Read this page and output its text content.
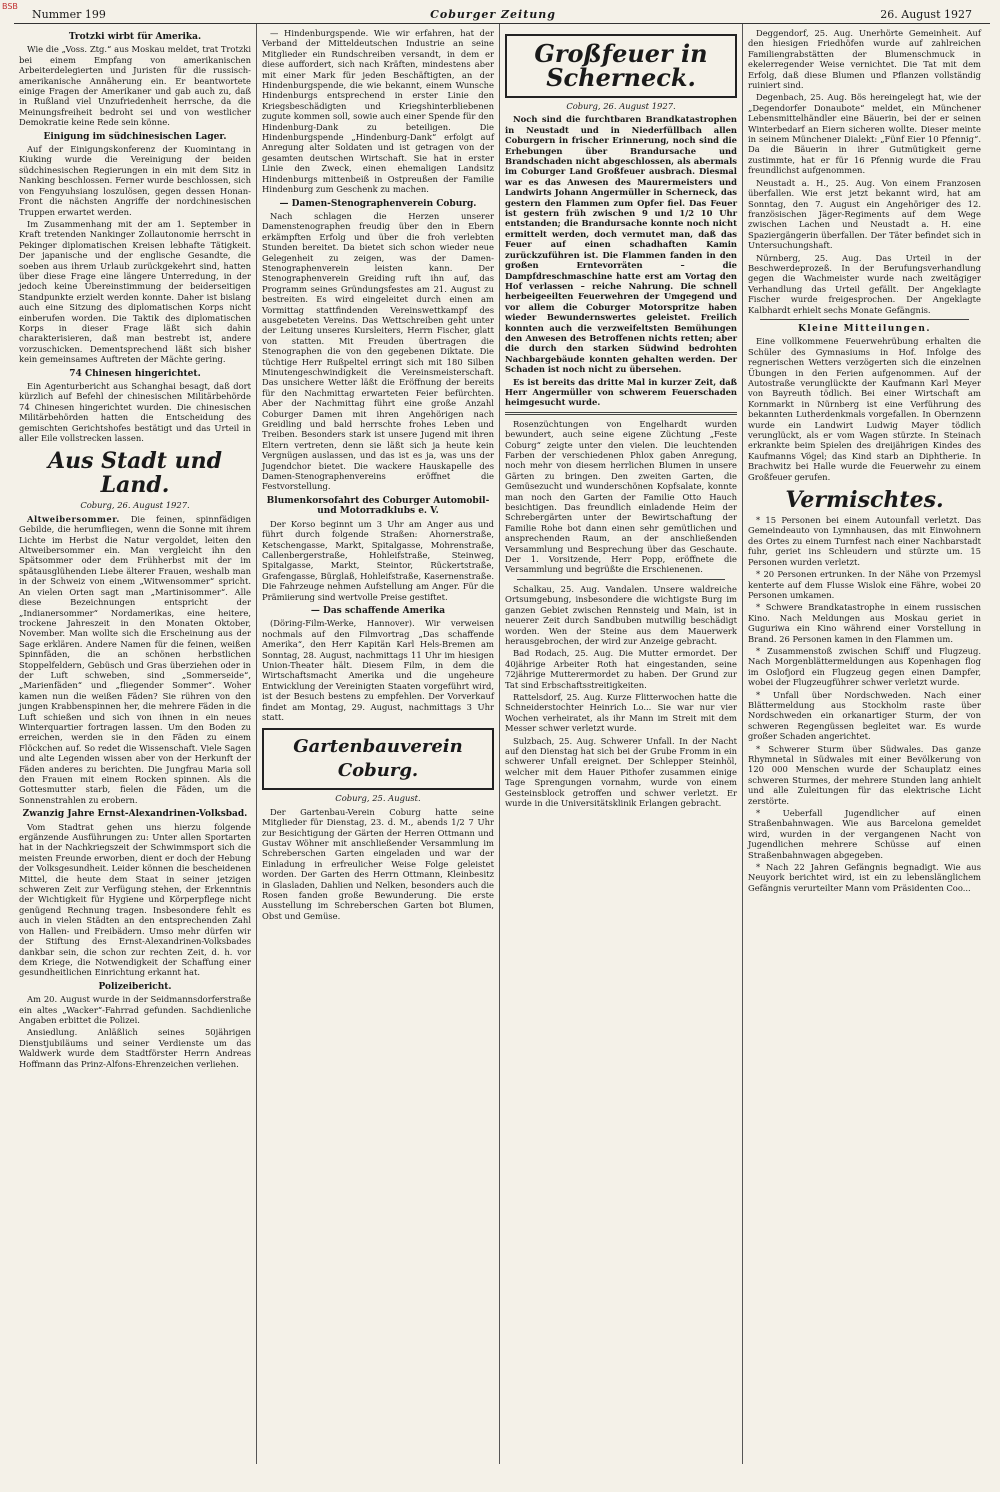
BSB
Nummer 199	Coburger Zeitung	26. August 1927
Trotzki wirbt für Amerika.

Wie die „Voss. Ztg.“ aus Moskau meldet, trat Trotzki bei einem Empfang von amerikanischen Arbeiterdelegierten und Juristen für die russisch-amerikanische Annäherung ein. Er beantwortete einige Fragen der Amerikaner und gab auch zu, daß in Rußland viel Unzufriedenheit herrsche, da die Meinungsfreiheit bedroht sei und von westlicher Demokratie keine Rede sein könne.

Einigung im südchinesischen Lager.

Auf der Einigungskonferenz der Kuomintang in Kiuking wurde die Vereinigung der beiden südchinesischen Regierungen in ein mit dem Sitz in Nanking beschlossen. Ferner wurde beschlossen, sich von Fengyuhsiang loszulösen, gegen dessen Honan-Front die nächsten Angriffe der nordchinesischen Truppen erwartet werden.

Im Zusammenhang mit der am 1. September in Kraft tretenden Nankinger Zollautonomie herrscht in Pekinger diplomatischen Kreisen lebhafte Tätigkeit. Der japanische und der englische Gesandte, die soeben aus ihrem Urlaub zurückgekehrt sind, hatten über diese Frage eine längere Unterredung, in der jedoch keine Übereinstimmung der beiderseitigen Standpunkte erzielt werden konnte. Daher ist bislang auch eine Sitzung des diplomatischen Korps nicht einberufen worden. Die Taktik des diplomatischen Korps in dieser Frage läßt sich dahin charakterisieren, daß man bestrebt ist, andere vorzuschicken. Dementsprechend läßt sich bisher kein gemeinsames Auftreten der Mächte gering.

74 Chinesen hingerichtet.

Ein Agenturbericht aus Schanghai besagt, daß dort kürzlich auf Befehl der chinesischen Militärbehörde 74 Chinesen hingerichtet wurden. Die chinesischen Militärbehörden hatten die Entscheidung des gemischten Gerichtshofes bestätigt und das Urteil in aller Eile vollstrecken lassen.

Aus Stadt und Land.
Coburg, 26. August 1927.

Altweibersommer. Die feinen, spinnfädigen Gebilde, die herumfliegen, wenn die Sonne mit ihrem Lichte im Herbst die Natur vergoldet, leiten den Altweibersommer ein. Man vergleicht ihn den Spätsommer oder dem Frühherbst mit der im spätausglühenden Liebe älterer Frauen, weshalb man in der Schweiz von einem „Witwensommer“ spricht. An vielen Orten sagt man „Martinisommer“. Alle diese Bezeichnungen entspricht der „Indianersommer“ Nordamerikas, eine heitere, trockene Jahreszeit in den Monaten Oktober, November. Man wollte sich die Erscheinung aus der Sage erklären. Andere Namen für die feinen, weißen Spinnfäden, die an schönen herbstlichen Stoppelfeldern, Gebüsch und Gras überziehen oder in der Luft schweben, sind „Sommerseide“, „Marienfäden“ und „fliegender Sommer“. Woher kamen nun die weißen Fäden? Sie rühren von den jungen Krabbenspinnen her, die mehrere Fäden in die Luft schießen und sich von ihnen in ein neues Winterquartier fortragen lassen. Um den Boden zu erreichen, werden sie in den Fäden zu einem Flöckchen auf. So redet die Wissenschaft. Viele Sagen und alte Legenden wissen aber von der Herkunft der Fäden anderes zu berichten. Die Jungfrau Maria soll den Frauen mit einem Rocken spinnen. Als die Gottesmutter starb, fielen die Fäden, um die Sonnenstrahlen zu erobern.

Zwanzig Jahre Ernst-Alexandrinen-Volksbad.

Vom Stadtrat gehen uns hierzu folgende ergänzende Ausführungen zu: Unter allen Sportarten hat in der Nachkriegszeit der Schwimmsport sich die meisten Freunde erworben, dient er doch der Hebung der Volksgesundheit. Leider können die bescheidenen Mittel, die heute dem Staat in seiner jetzigen schweren Zeit zur Verfügung stehen, der Erkenntnis der Wichtigkeit für Hygiene und Körperpflege nicht genügend Rechnung tragen. Insbesondere fehlt es auch in vielen Städten an den entsprechenden Zahl von Hallen- und Freibädern. Umso mehr dürfen wir der Stiftung des Ernst-Alexandrinen-Volksbades dankbar sein, die schon zur rechten Zeit, d. h. vor dem Kriege, die Notwendigkeit der Schaffung einer gesundheitlichen Einrichtung erkannt hat.

Polizeibericht.

Am 20. August wurde in der Seidmannsdorferstraße ein altes „Wacker“-Fahrrad gefunden. Sachdienliche Angaben erbittet die Polizei.

Ansiedlung. Anläßlich seines 50jährigen Dienstjubiläums und seiner Verdienste um das Waldwerk wurde dem Stadtförster Herrn Andreas Hoffmann das Prinz-Alfons-Ehrenzeichen verliehen.

— Hindenburgspende. Wie wir erfahren, hat der Verband der Mitteldeutschen Industrie an seine Mitglieder ein Rundschreiben versandt, in dem er diese auffordert, sich nach Kräften, mindestens aber mit einer Mark für jeden Beschäftigten, an der Hindenburgspende, die wie bekannt, einem Wunsche Hindenburgs entsprechend in erster Linie den Kriegsbeschädigten und Kriegshinterbliebenen zugute kommen soll, sowie auch einer Spende für den Hindenburg-Dank zu beteiligen. Die Hindenburgspende „Hindenburg-Dank“ erfolgt auf Anregung alter Soldaten und ist getragen von der gesamten deutschen Wirtschaft. Sie hat in erster Linie den Zweck, einen ehemaligen Landsitz Hindenburgs mittenbeiß in Ostpreußen der Familie Hindenburg zum Geschenk zu machen.

— Damen-Stenographenverein Coburg.

Nach schlagen die Herzen unserer Damenstenographen freudig über den in Ebern erkämpften Erfolg und über die froh verlebten Stunden bereitet. Da bietet sich schon wieder neue Gelegenheit zu zeigen, was der Damen-Stenographenverein leisten kann. Der Stenographenverein Greiding ruft ihn auf, das Programm seines Gründungsfestes am 21. August zu bestreiten. Es wird eingeleitet durch einen am Vormittag stattfindenden Vereinswettkampf des ausgebeteten Vereins. Das Wettschreiben geht unter der Leitung unseres Kursleiters, Herrn Fischer, glatt von statten. Mit Freuden übertragen die Stenographen die von den gegebenen Diktate. Die tüchtige Herr Rußpeltel erringt sich mit 180 Silben Minutengeschwindigkeit die Vereinsmeisterschaft. Das unsichere Wetter läßt die Eröffnung der bereits für den Nachmittag erwarteten Feier befürchten. Aber der Nachmittag führt eine große Anzahl Coburger Damen mit ihren Angehörigen nach Greidling und bald herrschte frohes Leben und Treiben. Besonders stark ist unsere Jugend mit ihren Eltern vertreten, denn sie läßt sich ja heute kein Vergnügen auslassen, und das ist es ja, was uns der Jugendchor bietet. Die wackere Hauskapelle des Damen-Stenographenvereins eröffnet die Festvorstellung.

Blumenkorsofahrt des Coburger Automobil- und Motorradklubs e. V.

Der Korso beginnt um 3 Uhr am Anger aus und führt durch folgende Straßen: Ahornerstraße, Ketschengasse, Markt, Spitalgasse, Mohrenstraße, Callenbergerstraße, Hohleifstraße, Steinweg, Spitalgasse, Markt, Steintor, Rückertstraße, Grafengasse, Bürglaß, Hohleifstraße, Kasernenstraße. Die Fahrzeuge nehmen Aufstellung am Anger. Für die Prämiierung sind wertvolle Preise gestiftet.

— Das schaffende Amerika

(Döring-Film-Werke, Hannover). Wir verweisen nochmals auf den Filmvortrag „Das schaffende Amerika“, den Herr Kapitän Karl Hels-Bremen am Sonntag, 28. August, nachmittags 11 Uhr im hiesigen Union-Theater hält. Diesem Film, in dem die Wirtschaftsmacht Amerika und die ungeheure Entwicklung der Vereinigten Staaten vorgeführt wird, ist der Besuch bestens zu empfehlen. Der Vorverkauf findet am Montag, 29. August, nachmittags 3 Uhr statt.

Gartenbauverein Coburg.
Coburg, 25. August.

Der Gartenbau-Verein Coburg hatte seine Mitglieder für Dienstag, 23. d. M., abends 1/2 7 Uhr zur Besichtigung der Gärten der Herren Ottmann und Gustav Wöhner mit anschließender Versammlung im Schreberschen Garten eingeladen und war der Einladung in erfreulicher Weise Folge geleistet worden. Der Garten des Herrn Ottmann, Kleinbesitz in Glasladen, Dahlien und Nelken, besonders auch die Rosen fanden große Bewunderung. Die erste Ausstellung im Schreberschen Garten bot Blumen, Obst und Gemüse.

Großfeuer in Scherneck.
Coburg, 26. August 1927.

Noch sind die furchtbaren Brandkatastrophen in Neustadt und in Niederfüllbach allen Coburgern in frischer Erinnerung, noch sind die Erhebungen über Brandursache und Brandschaden nicht abgeschlossen, als abermals im Coburger Land Großfeuer ausbrach. Diesmal war es das Anwesen des Maurermeisters und Landwirts Johann Angermüller in Scherneck, das gestern den Flammen zum Opfer fiel. Das Feuer ist gestern früh zwischen 9 und 1/2 10 Uhr entstanden; die Brandursache konnte noch nicht ermittelt werden, doch vermutet man, daß das Feuer auf einen schadhaften Kamin zurückzuführen ist. Die Flammen fanden in den großen Erntevorräten – die Dampfdreschmaschine hatte erst am Vortag den Hof verlassen – reiche Nahrung. Die schnell herbeigeeilten Feuerwehren der Umgegend und vor allem die Coburger Motorspritze haben wieder Bewundernswertes geleistet. Freilich konnten auch die verzweifeltsten Bemühungen den Anwesen des Betroffenen nichts retten; aber die durch den starken Südwind bedrohten Nachbargebäude konnten gehalten werden. Der Schaden ist noch nicht zu übersehen.

Es ist bereits das dritte Mal in kurzer Zeit, daß Herr Angermüller von schwerem Feuerschaden heimgesucht wurde.

Rosenzüchtungen von Engelhardt wurden bewundert, auch seine eigene Züchtung „Feste Coburg“ zeigte unter den vielen. Die leuchtenden Farben der verschiedenen Phlox gaben Anregung, noch mehr von diesem herrlichen Blumen in unsere Gärten zu bringen. Den zweiten Garten, die Gemüsezucht und wunderschönen Kopfsalate, konnte man noch den Garten der Familie Otto Hauch besichtigen. Das freundlich einladende Heim der Schrebergärten unter der Bewirtschaftung der Familie Rohe bot dann einen sehr gemütlichen und ansprechenden Raum, an der anschließenden Versammlung und Besprechung über das Geschaute. Der 1. Vorsitzende, Herr Popp, eröffnete die Versammlung und begrüßte die Erschienenen.

Schalkau, 25. Aug. Vandalen. Unsere waldreiche Ortsumgebung, insbesondere die wichtigste Burg im ganzen Gebiet zwischen Rennsteig und Main, ist in neuerer Zeit durch Sandbuben mutwillig beschädigt worden. Wen der Steine aus dem Mauerwerk herausgebrochen, der wird zur Anzeige gebracht.

Bad Rodach, 25. Aug. Die Mutter ermordet. Der 40jährige Arbeiter Roth hat eingestanden, seine 72jährige Mutterermordet zu haben. Der Grund zur Tat sind Erbschaftsstreitigkeiten.

Rattelsdorf, 25. Aug. Kurze Flitterwochen hatte die Schneiderstochter Heinrich Lo... Sie war nur vier Wochen verheiratet, als ihr Mann im Streit mit dem Messer schwer verletzt wurde.

Sulzbach, 25. Aug. Schwerer Unfall. In der Nacht auf den Dienstag hat sich bei der Grube Fromm in ein schwerer Unfall ereignet. Der Schlepper Steinhöl, welcher mit dem Hauer Pithofer zusammen einige Tage Sprengungen vornahm, wurde von einem Gesteinsblock getroffen und schwer verletzt. Er wurde in die Universitätsklinik Erlangen gebracht.

Deggendorf, 25. Aug. Unerhörte Gemeinheit. Auf den hiesigen Friedhöfen wurde auf zahlreichen Familiengrabstätten der Blumenschmuck in ekelerregender Weise vernichtet. Die Tat mit dem Erfolg, daß diese Blumen und Pflanzen vollständig ruiniert sind.

Degenbach, 25. Aug. Bös hereingelegt hat, wie der „Degendorfer Donaubote“ meldet, ein Münchener Lebensmittelhändler eine Bäuerin, bei der er seinen Winterbedarf an Eiern sicheren wollte. Dieser meinte in seinem Münchener Dialekt: „Fünf Eier 10 Pfennig“. Da die Bäuerin in ihrer Gutmütigkeit gerne zustimmte, hat er für 16 Pfennig wurde die Frau freundlichst aufgenommen.

Neustadt a. H., 25. Aug. Von einem Franzosen überfallen. Wie erst jetzt bekannt wird, hat am Sonntag, den 7. August ein Angehöriger des 12. französischen Jäger-Regiments auf dem Wege zwischen Lachen und Neustadt a. H. eine Spaziergängerin überfallen. Der Täter befindet sich in Untersuchungshaft.

Nürnberg, 25. Aug. Das Urteil in der Beschwerdeprozeß. In der Berufungsverhandlung gegen die Wachmeister wurde nach zweitägiger Verhandlung das Urteil gefällt. Der Angeklagte Fischer wurde freigesprochen. Der Angeklagte Kalbhardt erhielt sechs Monate Gefängnis.

Kleine Mitteilungen.

Eine vollkommene Feuerwehrübung erhalten die Schüler des Gymnasiums in Hof. Infolge des regnerischen Wetters verzögerten sich die einzelnen Übungen in den Ferien aufgenommen. Auf der Autostraße verunglückte der Kaufmann Karl Meyer von Bayreuth tödlich. Bei einer Wirtschaft am Kornmarkt in Nürnberg ist eine Verführung des bekannten Lutherdenkmals vorgefallen. In Obernzenn wurde ein Landwirt Ludwig Mayer tödlich verunglückt, als er vom Wagen stürzte. In Steinach erkrankte beim Spielen des dreijährigen Kindes des Kaufmanns Vögel; das Kind starb an Diphtherie. In Brachwitz bei Halle wurde die Feuerwehr zu einem Großfeuer gerufen.

Vermischtes.

* 15 Personen bei einem Autounfall verletzt. Das Gemeindeauto von Lymnhausen, das mit Einwohnern des Ortes zu einem Turnfest nach einer Nachbarstadt fuhr, geriet ins Schleudern und stürzte um. 15 Personen wurden verletzt.

* 20 Personen ertrunken. In der Nähe von Przemysl kenterte auf dem Flusse Wislok eine Fähre, wobei 20 Personen umkamen.

* Schwere Brandkatastrophe in einem russischen Kino. Nach Meldungen aus Moskau geriet in Guguriwa ein Kino während einer Vorstellung in Brand. 26 Personen kamen in den Flammen um.

* Zusammenstoß zwischen Schiff und Flugzeug. Nach Morgenblättermeldungen aus Kopenhagen flog im Oslofjord ein Flugzeug gegen einen Dampfer, wobei der Flugzeugführer schwer verletzt wurde.

* Unfall über Nordschweden. Nach einer Blättermeldung aus Stockholm raste über Nordschweden ein orkanartiger Sturm, der von schweren Regengüssen begleitet war. Es wurde großer Schaden angerichtet.

* Schwerer Sturm über Südwales. Das ganze Rhymnetal in Südwales mit einer Bevölkerung von 120 000 Menschen wurde der Schauplatz eines schweren Sturmes, der mehrere Stunden lang anhielt und alle Zuleitungen für das elektrische Licht zerstörte.

* Ueberfall Jugendlicher auf einen Straßenbahnwagen. Wie aus Barcelona gemeldet wird, wurden in der vergangenen Nacht von Jugendlichen mehrere Schüsse auf einen Straßenbahnwagen abgegeben.

* Nach 22 Jahren Gefängnis begnadigt. Wie aus Neuyork berichtet wird, ist ein zu lebenslänglichem Gefängnis verurteilter Mann vom Präsidenten Coo...
